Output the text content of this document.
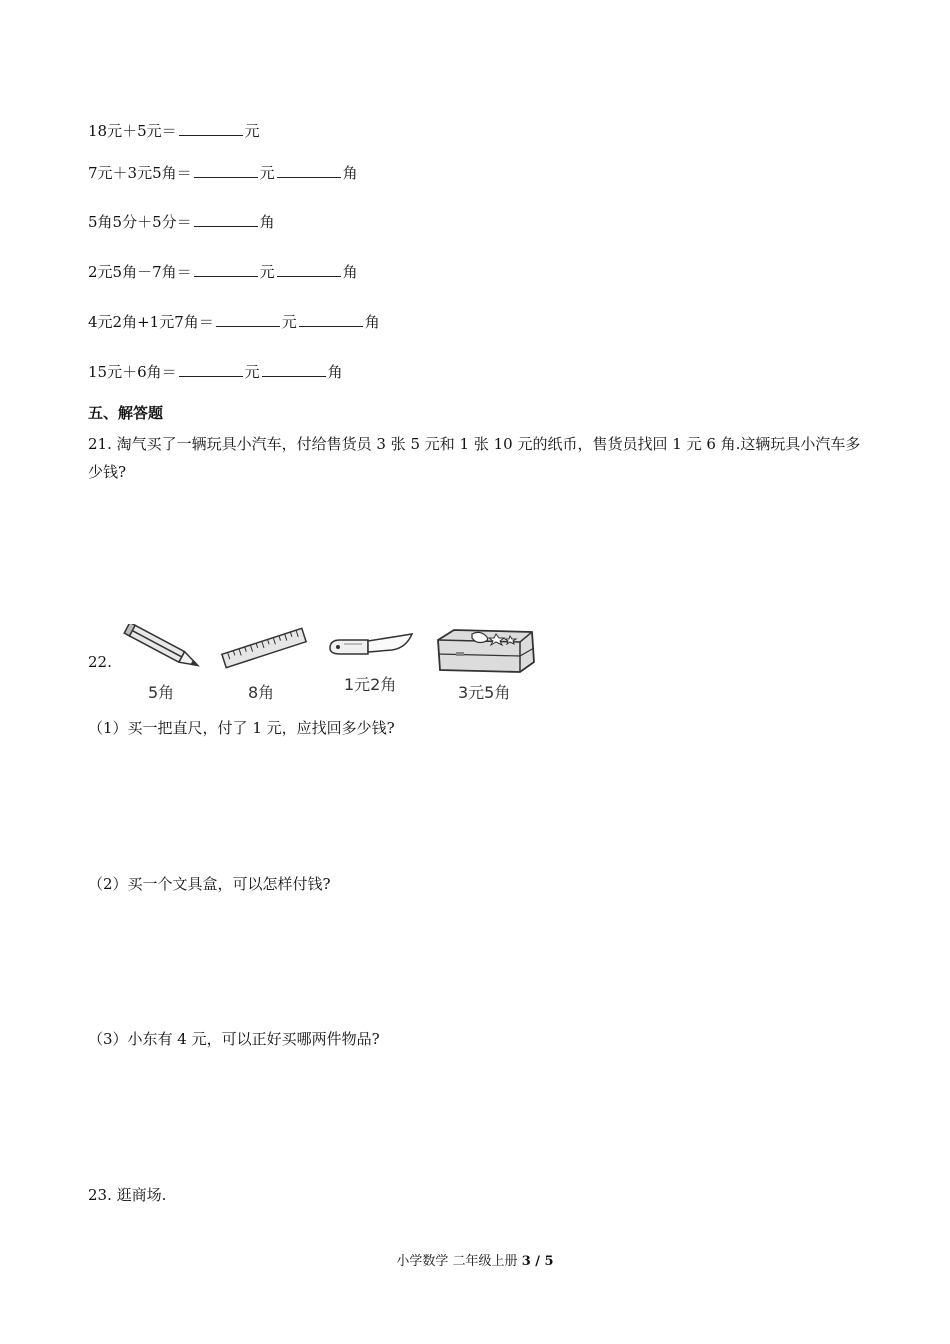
18元＋5元＝	元
7元＋3元5角＝	元	角
5角5分＋5分＝	角
2元5角－7角＝	元	角
4元2角+1元7角＝	元	角
15元＋6角＝	元	角
五、解答题
21. 淘气买了一辆玩具小汽车，付给售货员 3 张 5 元和 1 张 10 元的纸币，售货员找回 1 元 6 角.这辆玩具小汽车多少钱?
22.
5角	8角	1元2角	3元5角
（1）买一把直尺，付了 1 元，应找回多少钱?
（2）买一个文具盒，可以怎样付钱?
（3）小东有 4 元，可以正好买哪两件物品?
23. 逛商场.
小学数学 二年级上册 3 / 5
